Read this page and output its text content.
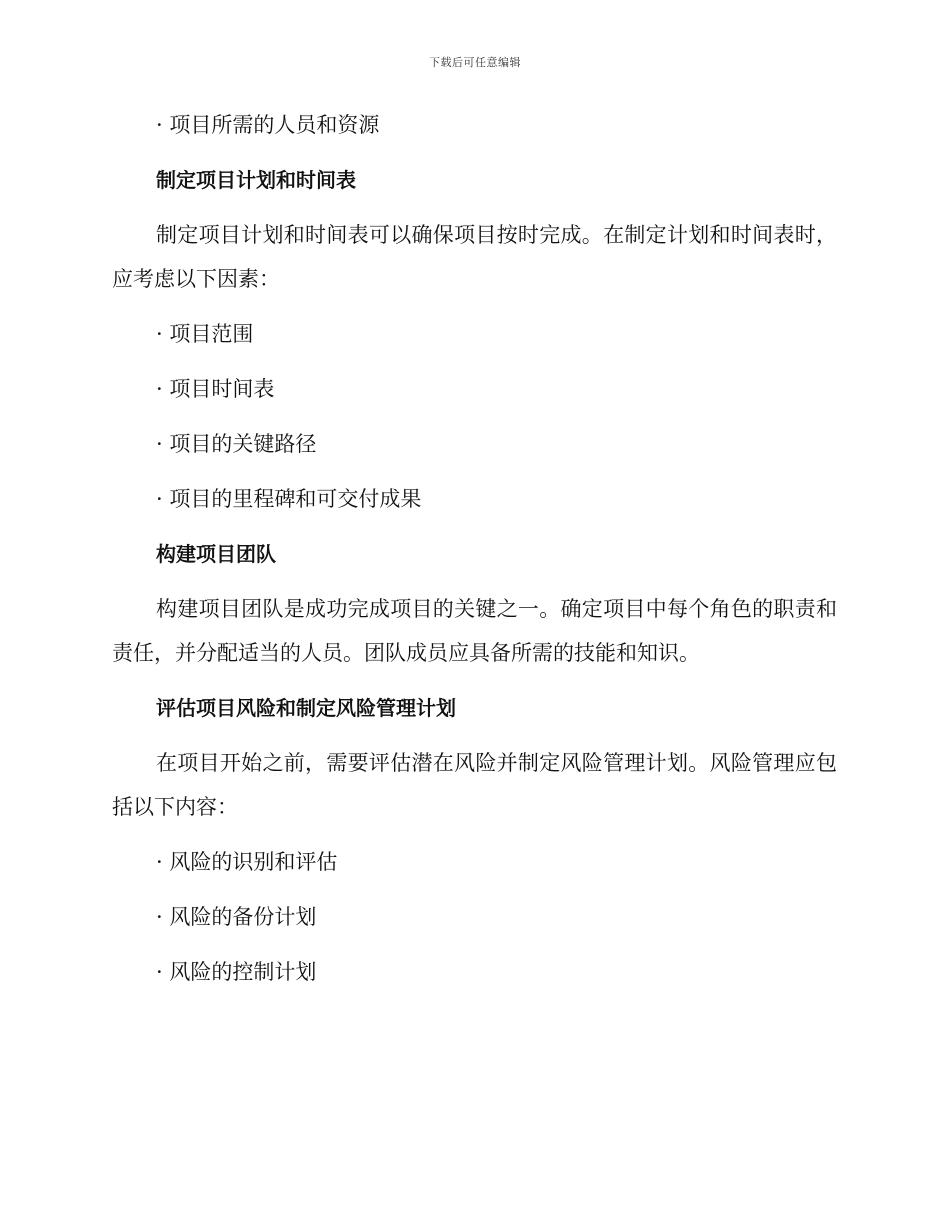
下载后可任意编辑

· 项目所需的人员和资源

制定项目计划和时间表

制定项目计划和时间表可以确保项目按时完成。在制定计划和时间表时，应考虑以下因素：

· 项目范围

· 项目时间表

· 项目的关键路径

· 项目的里程碑和可交付成果

构建项目团队

构建项目团队是成功完成项目的关键之一。确定项目中每个角色的职责和责任，并分配适当的人员。团队成员应具备所需的技能和知识。

评估项目风险和制定风险管理计划

在项目开始之前，需要评估潜在风险并制定风险管理计划。风险管理应包括以下内容：

· 风险的识别和评估

· 风险的备份计划

· 风险的控制计划
